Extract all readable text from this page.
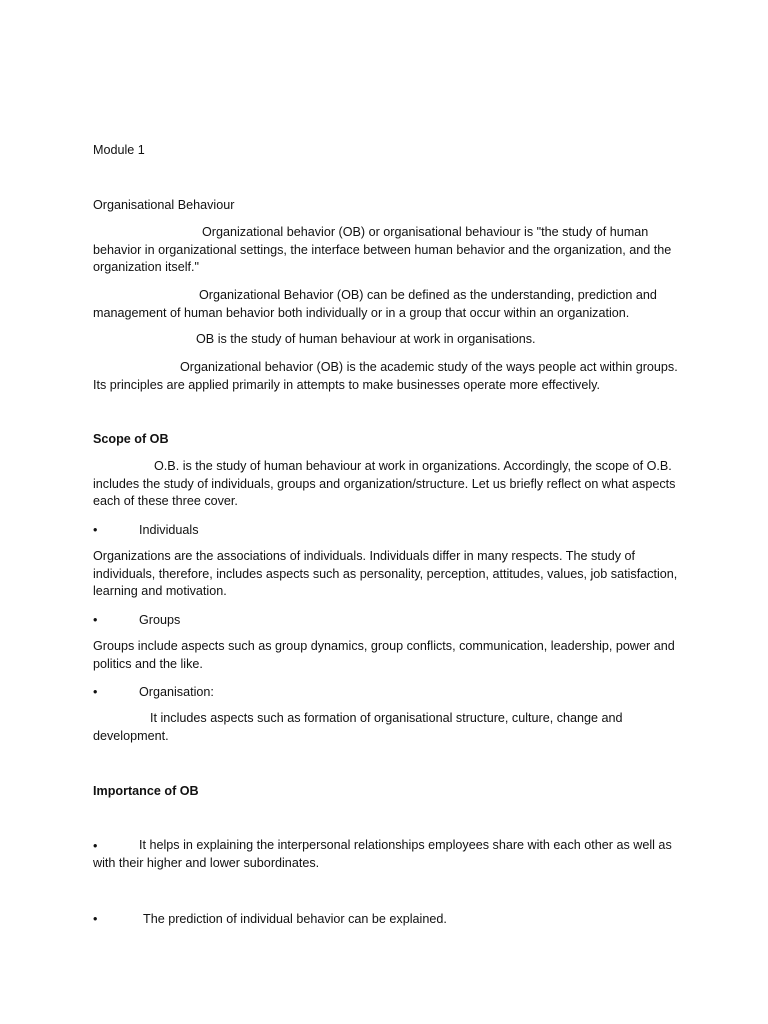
Module 1
Organisational Behaviour
Organizational behavior (OB) or organisational behaviour is "the study of human behavior in organizational settings, the interface between human behavior and the organization, and the organization itself."
Organizational Behavior (OB) can be defined as the understanding, prediction and management of human behavior both individually or in a group that occur within an organization.
OB is the study of human behaviour at work in organisations.
Organizational behavior (OB) is the academic study of the ways people act within groups. Its principles are applied primarily in attempts to make businesses operate more effectively.
Scope of OB
O.B. is the study of human behaviour at work in organizations. Accordingly, the scope of O.B. includes the study of individuals, groups and organization/structure. Let us briefly reflect on what aspects each of these three cover.
•	Individuals
Organizations are the associations of individuals. Individuals differ in many respects. The study of individuals, therefore, includes aspects such as personality, perception, attitudes, values, job satisfaction, learning and motivation.
•	Groups
Groups include aspects such as group dynamics, group conflicts, communication, leadership, power and politics and the like.
•	Organisation:
It includes aspects such as formation of organisational structure, culture, change and development.
Importance of OB
•	It helps in explaining the interpersonal relationships employees share with each other as well as with their higher and lower subordinates.
•	The prediction of individual behavior can be explained.
